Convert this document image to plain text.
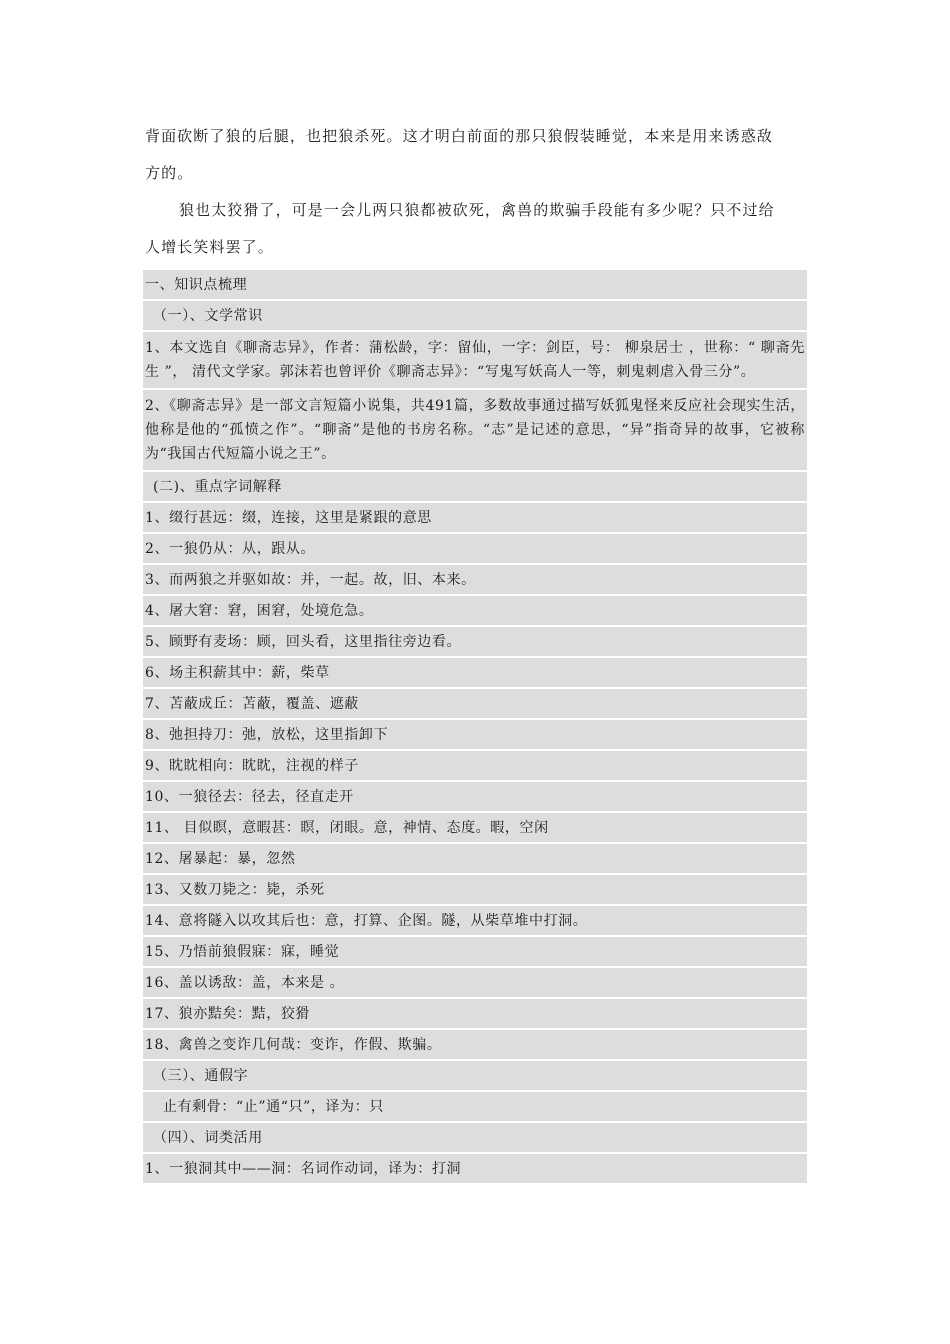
背面砍断了狼的后腿，也把狼杀死。这才明白前面的那只狼假装睡觉，本来是用来诱惑敌

方的。

狼也太狡猾了，可是一会儿两只狼都被砍死，禽兽的欺骗手段能有多少呢？只不过给

人增长笑料罢了。

一、知识点梳理
（一）、文学常识
1、本文选自《聊斋志异》，作者：蒲松龄，字：留仙，一字：剑臣，号： 柳泉居士 ，世称：“ 聊斋先生 ”， 清代文学家。郭沫若也曾评价《聊斋志异》：“写鬼写妖高人一等，刺鬼刺虐入骨三分”。
2、《聊斋志异》是一部文言短篇小说集，共491篇，多数故事通过描写妖狐鬼怪来反应社会现实生活，他称是他的“孤愤之作”。“聊斋”是他的书房名称。“志”是记述的意思，“异”指奇异的故事，它被称为“我国古代短篇小说之王”。
(二)、重点字词解释
1、缀行甚远：缀，连接，这里是紧跟的意思
2、一狼仍从：从，跟从。
3、而两狼之并驱如故：并，一起。故，旧、本来。
4、屠大窘：窘，困窘，处境危急。
5、顾野有麦场：顾，回头看，这里指往旁边看。
6、场主积薪其中：薪，柴草
7、苫蔽成丘：苫蔽，覆盖、遮蔽
8、弛担持刀：弛，放松，这里指卸下
9、眈眈相向：眈眈，注视的样子
10、一狼径去：径去，径直走开
11、 目似瞑，意暇甚：瞑，闭眼。意，神情、态度。暇，空闲
12、屠暴起：暴，忽然
13、又数刀毙之：毙，杀死
14、意将隧入以攻其后也：意，打算、企图。隧，从柴草堆中打洞。
15、乃悟前狼假寐：寐，睡觉
16、盖以诱敌：盖，本来是 。
17、狼亦黠矣：黠，狡猾
18、禽兽之变诈几何哉：变诈，作假、欺骗。
（三）、通假字
止有剩骨：“止”通“只”，译为：只
（四）、词类活用
1、一狼洞其中——洞：名词作动词，译为：打洞
